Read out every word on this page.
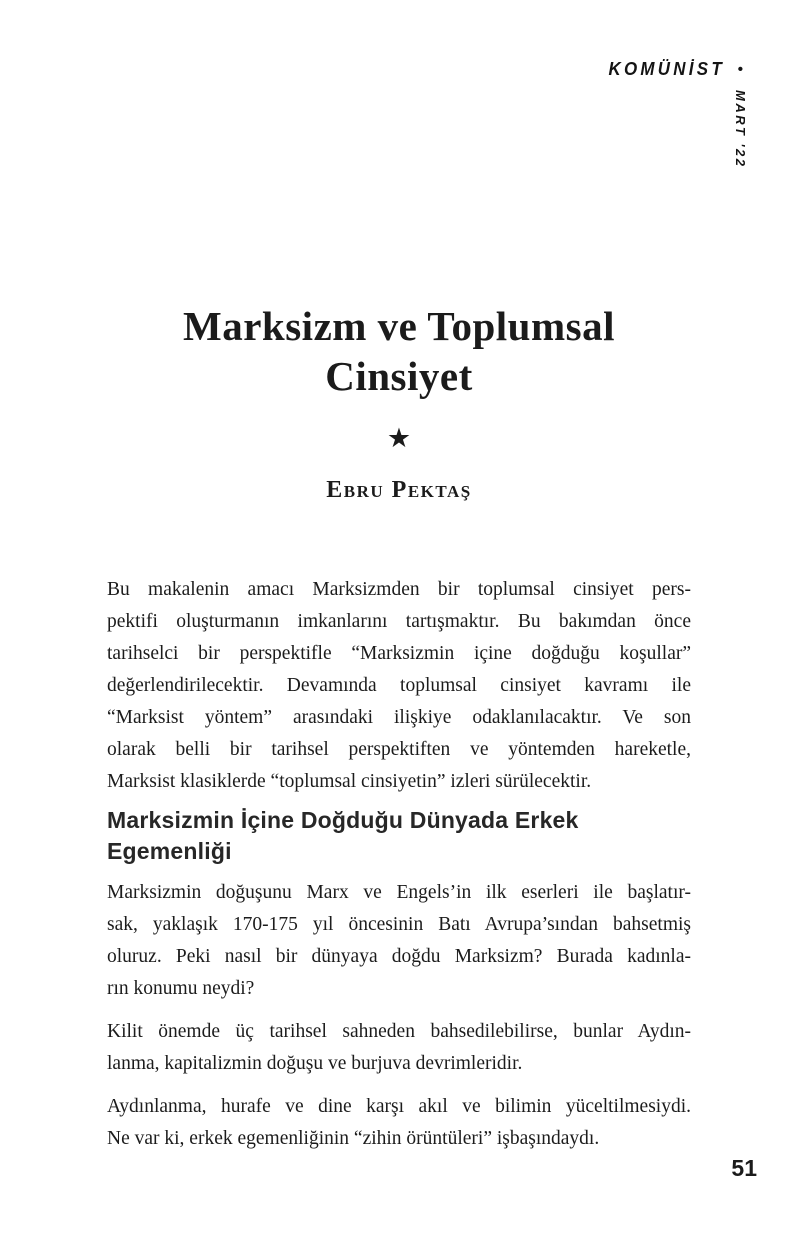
KOMÜNİST •
MART '22
Marksizm ve Toplumsal
Cinsiyet
★
Ebru Pektaş
Bu makalenin amacı Marksizmden bir toplumsal cinsiyet pers-
pektifi oluşturmanın imkanlarını tartışmaktır. Bu bakımdan önce
tarihselci bir perspektifle “Marksizmin içine doğduğu koşullar”
değerlendirilecektir. Devamında toplumsal cinsiyet kavramı ile
“Marksist yöntem” arasındaki ilişkiye odaklanılacaktır. Ve son
olarak belli bir tarihsel perspektiften ve yöntemden hareketle,
Marksist klasiklerde “toplumsal cinsiyetin” izleri sürülecektir.
Marksizmin İçine Doğduğu Dünyada Erkek
Egemenliği
Marksizmin doğuşunu Marx ve Engels’in ilk eserleri ile başlatır-
sak, yaklaşık 170-175 yıl öncesinin Batı Avrupa’sından bahsetmiş
oluruz. Peki nasıl bir dünyaya doğdu Marksizm? Burada kadınla-
rın konumu neydi?
Kilit önemde üç tarihsel sahneden bahsedilebilirse, bunlar Aydın-
lanma, kapitalizmin doğuşu ve burjuva devrimleridir.
Aydınlanma, hurafe ve dine karşı akıl ve bilimin yüceltilmesiydi.
Ne var ki, erkek egemenliğinin “zihin örüntüleri” işbaşındaydı.
51
